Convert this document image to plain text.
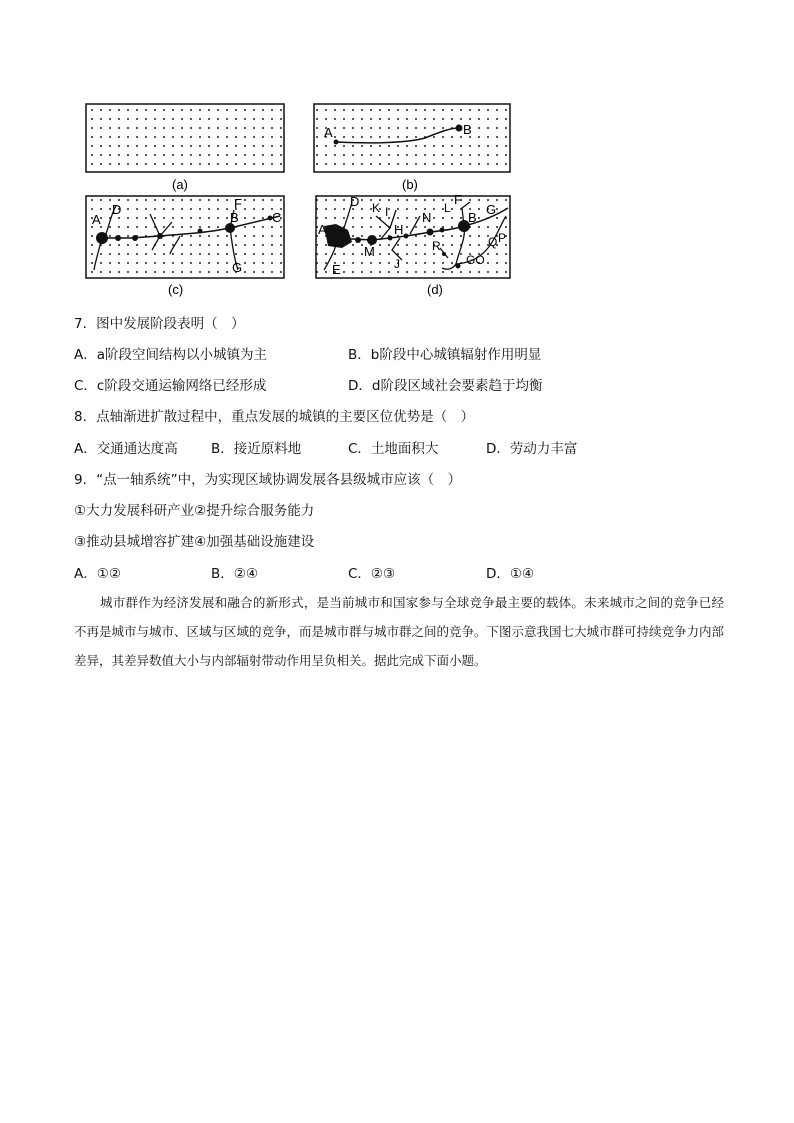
(a)
A	B
(b)
A
D	F
B	C
G
(c)
A
D K I
H
N
L
F
B
G
M	R
J	GO
Q P
E
(d)
7．图中发展阶段表明（　）
A．a阶段空间结构以小城镇为主	B．b阶段中心城镇辐射作用明显
C．c阶段交通运输网络已经形成	D．d阶段区域社会要素趋于均衡
8．点轴渐进扩散过程中，重点发展的城镇的主要区位优势是（　）
A．交通通达度高 B．接近原料地	C．土地面积大	D．劳动力丰富
9．“点一轴系统”中，为实现区域协调发展各县级城市应该（　）
①大力发展科研产业②提升综合服务能力
③推动县城增容扩建④加强基础设施建设
A．①②	B．②④	C．②③	D．①④
城市群作为经济发展和融合的新形式，是当前城市和国家参与全球竞争最主要的载体。未来城市之间的竞争已经不再是城市与城市、区域与区域的竞争，而是城市群与城市群之间的竞争。下图示意我国七大城市群可持续竞争力内部差异，其差异数值大小与内部辐射带动作用呈负相关。据此完成下面小题。
